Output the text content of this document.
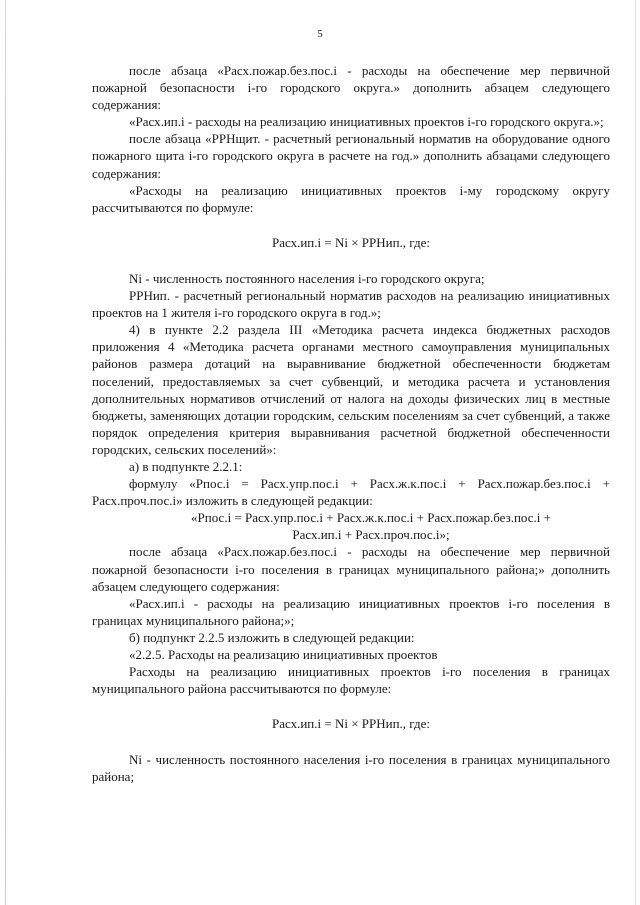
5

после абзаца «Расх.пожар.без.пос.i - расходы на обеспечение мер первичной пожарной безопасности i-го городского округа.» дополнить абзацем следующего содержания:

«Расх.ип.i - расходы на реализацию инициативных проектов i-го городского округа.»;

после абзаца «РРНщит. - расчетный региональный норматив на оборудование одного пожарного щита i-го городского округа в расчете на год.» дополнить абзацами следующего содержания:

«Расходы на реализацию инициативных проектов i-му городскому округу рассчитываются по формуле:

Расх.ип.i = Ni × РРНип., где:

Ni - численность постоянного населения i-го городского округа;

РРНип. - расчетный региональный норматив расходов на реализацию инициативных проектов на 1 жителя i-го городского округа в год.»;

4) в пункте 2.2 раздела III «Методика расчета индекса бюджетных расходов приложения 4 «Методика расчета органами местного самоуправления муниципальных районов размера дотаций на выравнивание бюджетной обеспеченности бюджетам поселений, предоставляемых за счет субвенций, и методика расчета и установления дополнительных нормативов отчислений от налога на доходы физических лиц в местные бюджеты, заменяющих дотации городским, сельским поселениям за счет субвенций, а также порядок определения критерия выравнивания расчетной бюджетной обеспеченности городских, сельских поселений»:

а) в подпункте 2.2.1:

формулу «Рпос.i = Расх.упр.пос.i + Расх.ж.к.пос.i + Расх.пожар.без.пос.i + Расх.проч.пос.i» изложить в следующей редакции:

«Рпос.i = Расх.упр.пос.i + Расх.ж.к.пос.i + Расх.пожар.без.пос.i +

Расх.ип.i + Расх.проч.пос.i»;

после абзаца «Расх.пожар.без.пос.i - расходы на обеспечение мер первичной пожарной безопасности i-го поселения в границах муниципального района;» дополнить абзацем следующего содержания:

«Расх.ип.i - расходы на реализацию инициативных проектов i-го поселения в границах муниципального района;»;

б) подпункт 2.2.5 изложить в следующей редакции:

«2.2.5. Расходы на реализацию инициативных проектов

Расходы на реализацию инициативных проектов i-го поселения в границах муниципального района рассчитываются по формуле:

Расх.ип.i = Ni × РРНип., где:

Ni - численность постоянного населения i-го поселения в границах муниципального района;
